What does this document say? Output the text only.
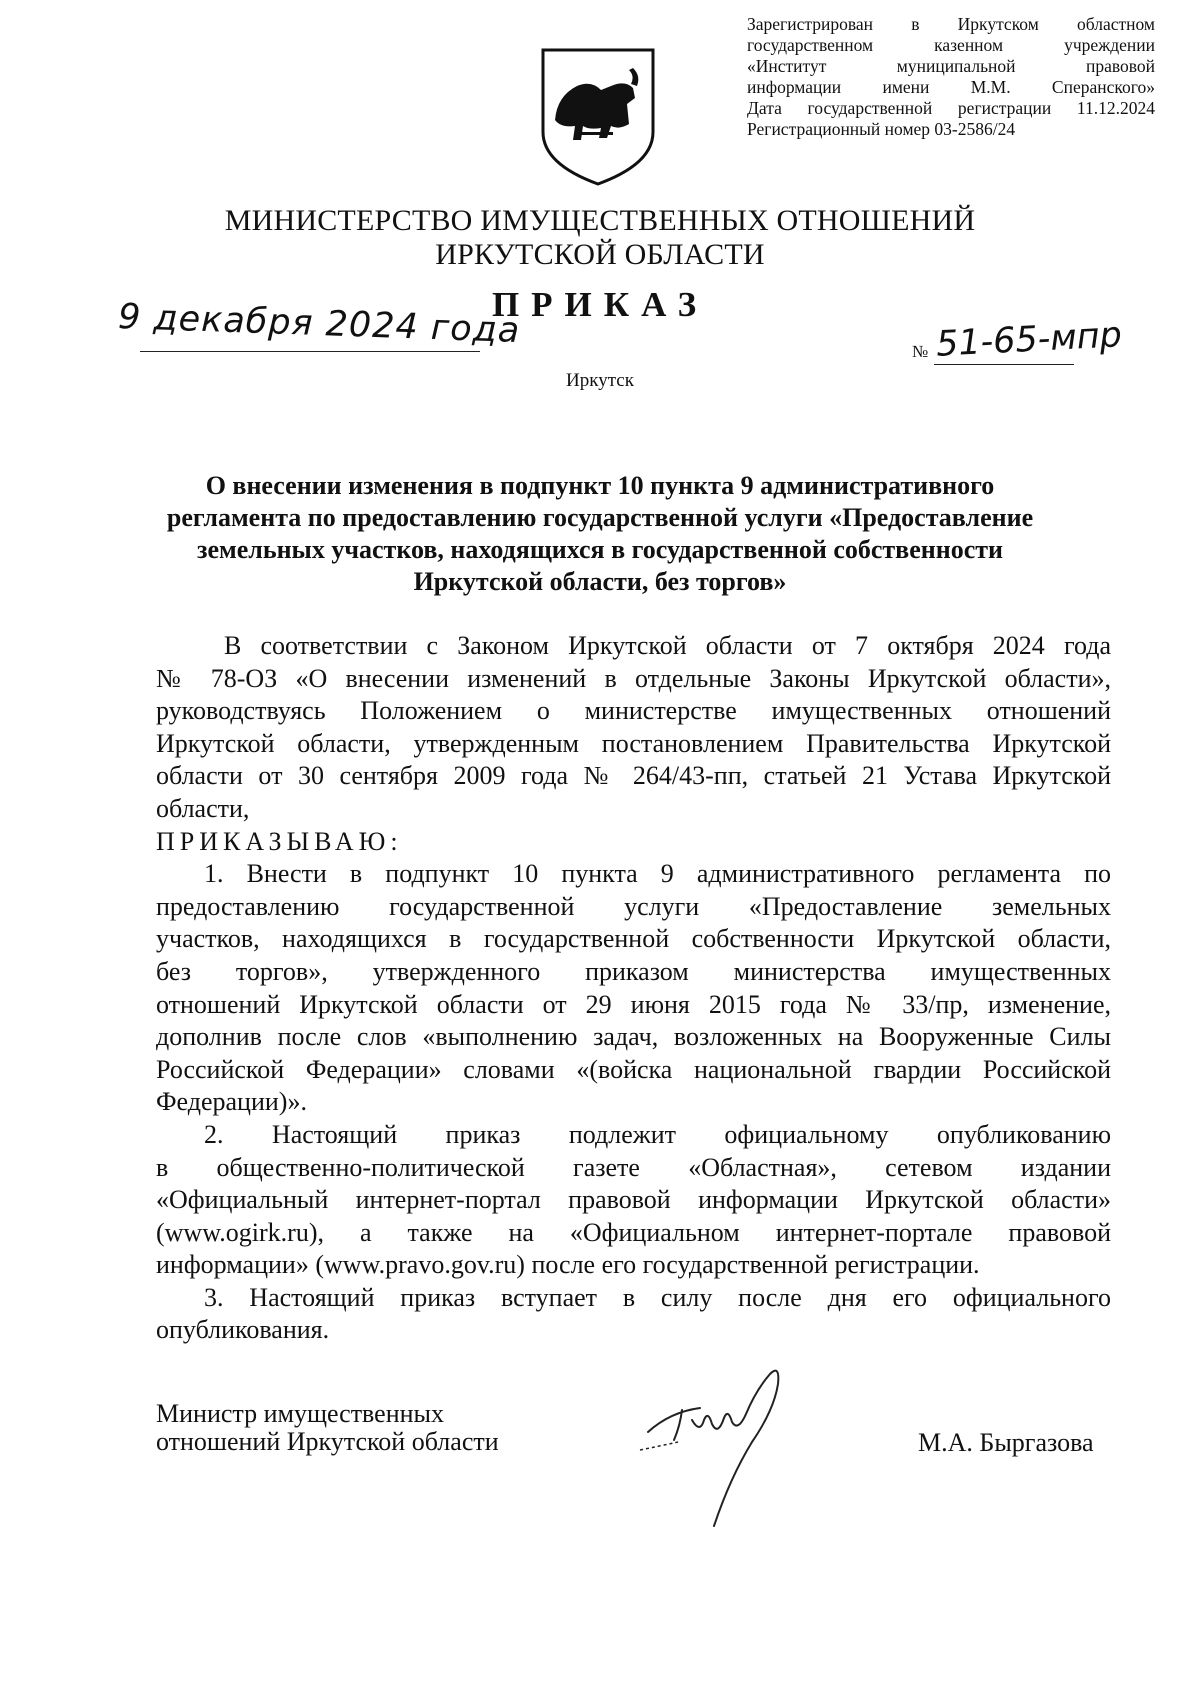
Зарегистрирован в Иркутском областном
государственном казенном учреждении
«Институт муниципальной правовой
информации имени М.М. Сперанского»
Дата государственной регистрации 11.12.2024
Регистрационный номер 03-2586/24
МИНИСТЕРСТВО ИМУЩЕСТВЕННЫХ ОТНОШЕНИЙ
ИРКУТСКОЙ ОБЛАСТИ
ПРИКАЗ
9 декабря 2024 года
№ 51-65-мпр
Иркутск
О внесении изменения в подпункт 10 пункта 9 административного
регламента по предоставлению государственной услуги «Предоставление
земельных участков, находящихся в государственной собственности
Иркутской области, без торгов»
В соответствии с Законом Иркутской области от 7 октября 2024 года
№ 78-ОЗ «О внесении изменений в отдельные Законы Иркутской области»,
руководствуясь Положением о министерстве имущественных отношений
Иркутской области, утвержденным постановлением Правительства Иркутской
области от 30 сентября 2009 года № 264/43-пп, статьей 21 Устава Иркутской
области,
ПРИКАЗЫВАЮ:
1. Внести в подпункт 10 пункта 9 административного регламента по
предоставлению государственной услуги «Предоставление земельных
участков, находящихся в государственной собственности Иркутской области,
без торгов», утвержденного приказом министерства имущественных
отношений Иркутской области от 29 июня 2015 года № 33/пр, изменение,
дополнив после слов «выполнению задач, возложенных на Вооруженные Силы
Российской Федерации» словами «(войска национальной гвардии Российской
Федерации)».
2. Настоящий приказ подлежит официальному опубликованию
в общественно-политической газете «Областная», сетевом издании
«Официальный интернет-портал правовой информации Иркутской области»
(www.ogirk.ru), а также на «Официальном интернет-портале правовой
информации» (www.pravo.gov.ru) после его государственной регистрации.
3. Настоящий приказ вступает в силу после дня его официального
опубликования.
Министр имущественных
отношений Иркутской области	М.А. Быргазова
